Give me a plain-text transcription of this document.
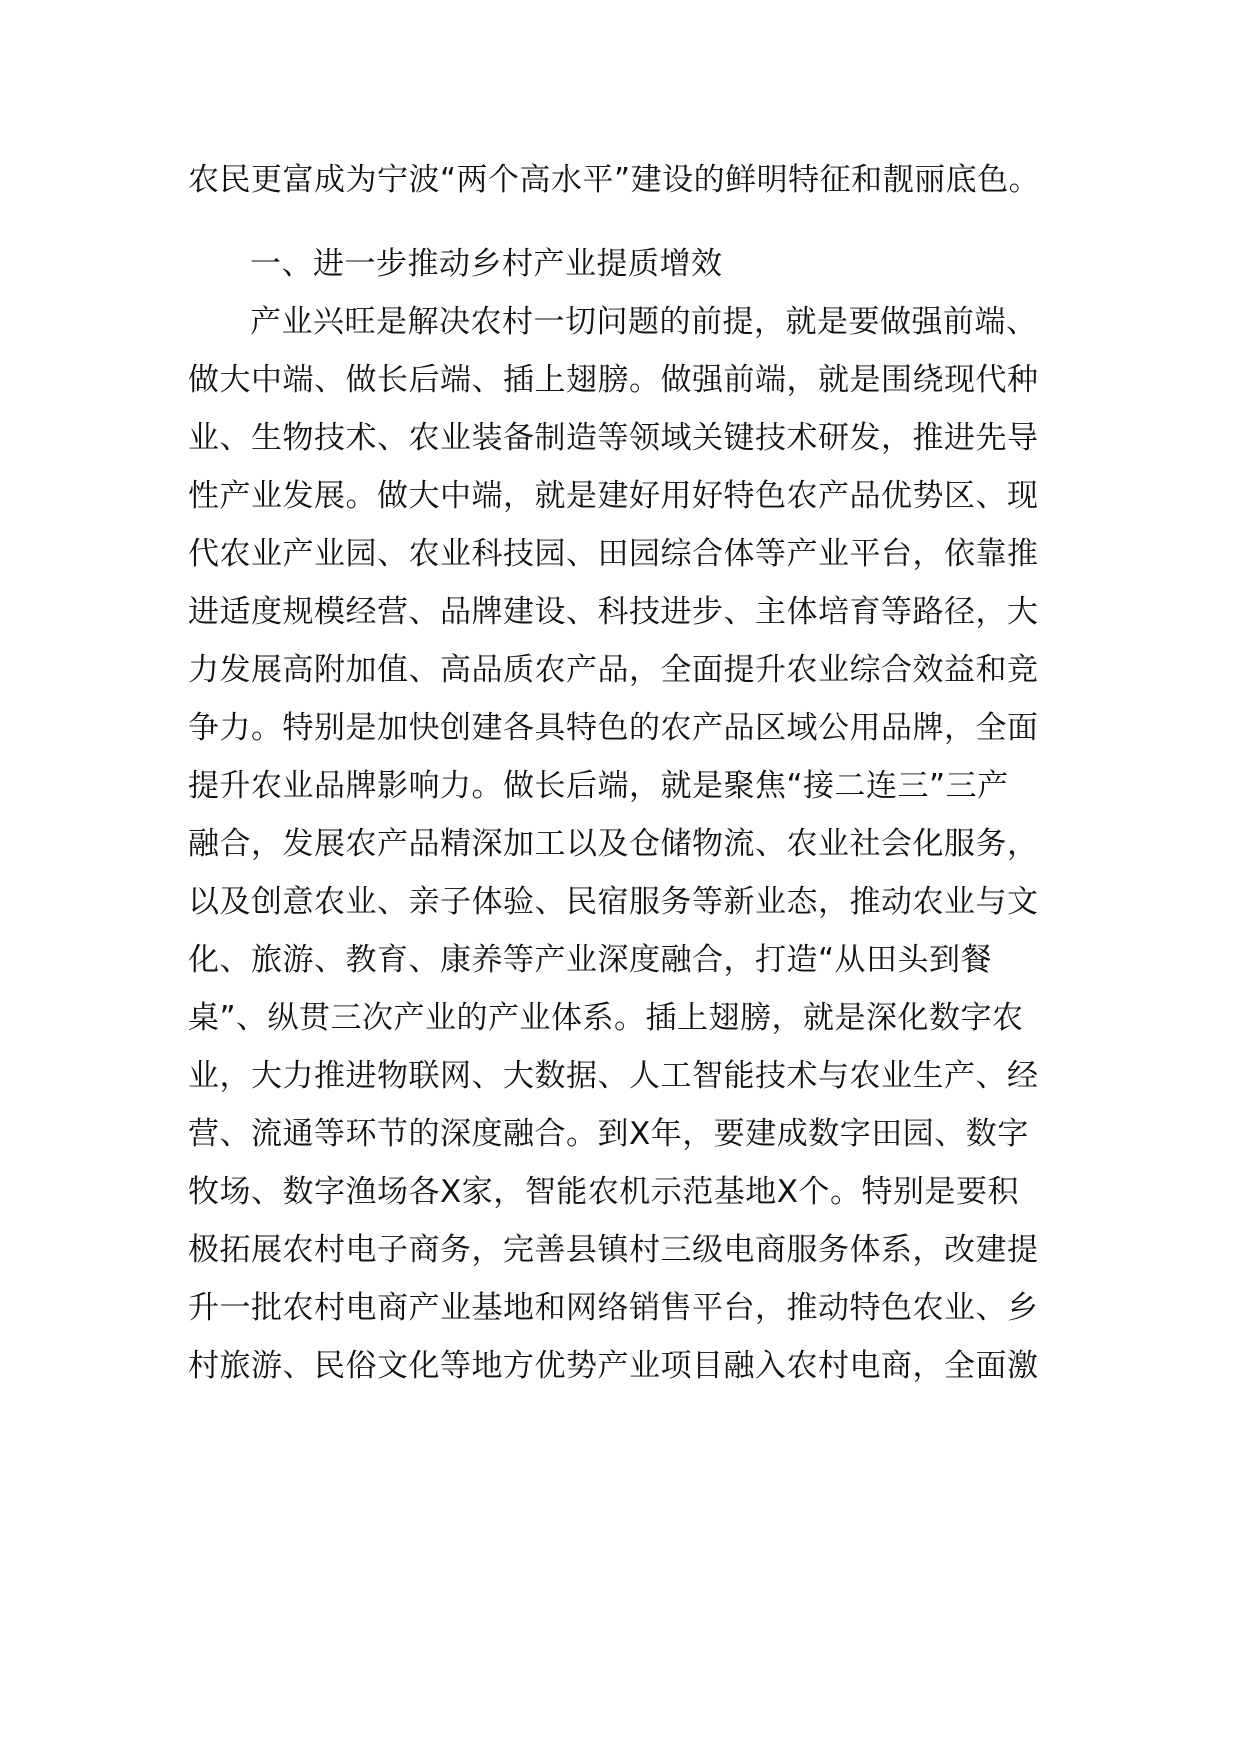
农民更富成为宁波“两个高水平”建设的鲜明特征和靓丽底色。
一、进一步推动乡村产业提质增效
产业兴旺是解决农村一切问题的前提，就是要做强前端、
做大中端、做长后端、插上翅膀。做强前端，就是围绕现代种
业、生物技术、农业装备制造等领域关键技术研发，推进先导
性产业发展。做大中端，就是建好用好特色农产品优势区、现
代农业产业园、农业科技园、田园综合体等产业平台，依靠推
进适度规模经营、品牌建设、科技进步、主体培育等路径，大
力发展高附加值、高品质农产品，全面提升农业综合效益和竞
争力。特别是加快创建各具特色的农产品区域公用品牌，全面
提升农业品牌影响力。做长后端，就是聚焦“接二连三”三产
融合，发展农产品精深加工以及仓储物流、农业社会化服务，
以及创意农业、亲子体验、民宿服务等新业态，推动农业与文
化、旅游、教育、康养等产业深度融合，打造“从田头到餐
桌”、纵贯三次产业的产业体系。插上翅膀，就是深化数字农
业，大力推进物联网、大数据、人工智能技术与农业生产、经
营、流通等环节的深度融合。到X年，要建成数字田园、数字
牧场、数字渔场各X家，智能农机示范基地X个。特别是要积
极拓展农村电子商务，完善县镇村三级电商服务体系，改建提
升一批农村电商产业基地和网络销售平台，推动特色农业、乡
村旅游、民俗文化等地方优势产业项目融入农村电商，全面激
